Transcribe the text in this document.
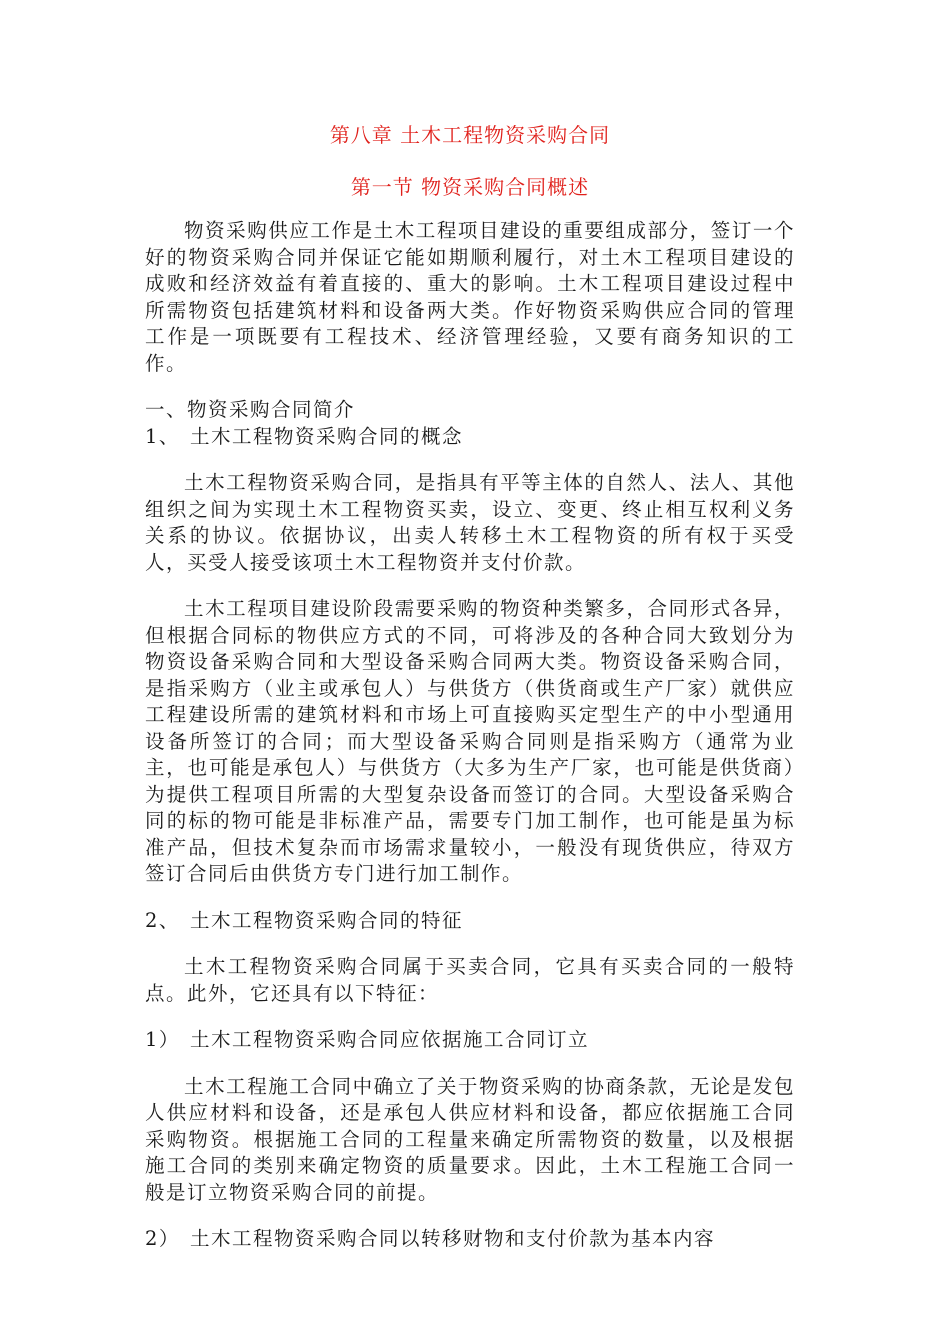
第八章 土木工程物资采购合同
第一节 物资采购合同概述

物资采购供应工作是土木工程项目建设的重要组成部分，签订一个好的物资采购合同并保证它能如期顺利履行，对土木工程项目建设的成败和经济效益有着直接的、重大的影响。土木工程项目建设过程中所需物资包括建筑材料和设备两大类。作好物资采购供应合同的管理工作是一项既要有工程技术、经济管理经验，又要有商务知识的工作。

一、物资采购合同简介

1、 土木工程物资采购合同的概念

土木工程物资采购合同，是指具有平等主体的自然人、法人、其他组织之间为实现土木工程物资买卖，设立、变更、终止相互权利义务关系的协议。依据协议，出卖人转移土木工程物资的所有权于买受人，买受人接受该项土木工程物资并支付价款。

土木工程项目建设阶段需要采购的物资种类繁多，合同形式各异，但根据合同标的物供应方式的不同，可将涉及的各种合同大致划分为物资设备采购合同和大型设备采购合同两大类。物资设备采购合同，是指采购方（业主或承包人）与供货方（供货商或生产厂家）就供应工程建设所需的建筑材料和市场上可直接购买定型生产的中小型通用设备所签订的合同；而大型设备采购合同则是指采购方（通常为业主，也可能是承包人）与供货方（大多为生产厂家，也可能是供货商）为提供工程项目所需的大型复杂设备而签订的合同。大型设备采购合同的标的物可能是非标准产品，需要专门加工制作，也可能是虽为标准产品，但技术复杂而市场需求量较小，一般没有现货供应，待双方签订合同后由供货方专门进行加工制作。

2、 土木工程物资采购合同的特征

土木工程物资采购合同属于买卖合同，它具有买卖合同的一般特点。此外，它还具有以下特征：

1） 土木工程物资采购合同应依据施工合同订立

土木工程施工合同中确立了关于物资采购的协商条款，无论是发包人供应材料和设备，还是承包人供应材料和设备，都应依据施工合同采购物资。根据施工合同的工程量来确定所需物资的数量，以及根据施工合同的类别来确定物资的质量要求。因此，土木工程施工合同一般是订立物资采购合同的前提。

2） 土木工程物资采购合同以转移财物和支付价款为基本内容
